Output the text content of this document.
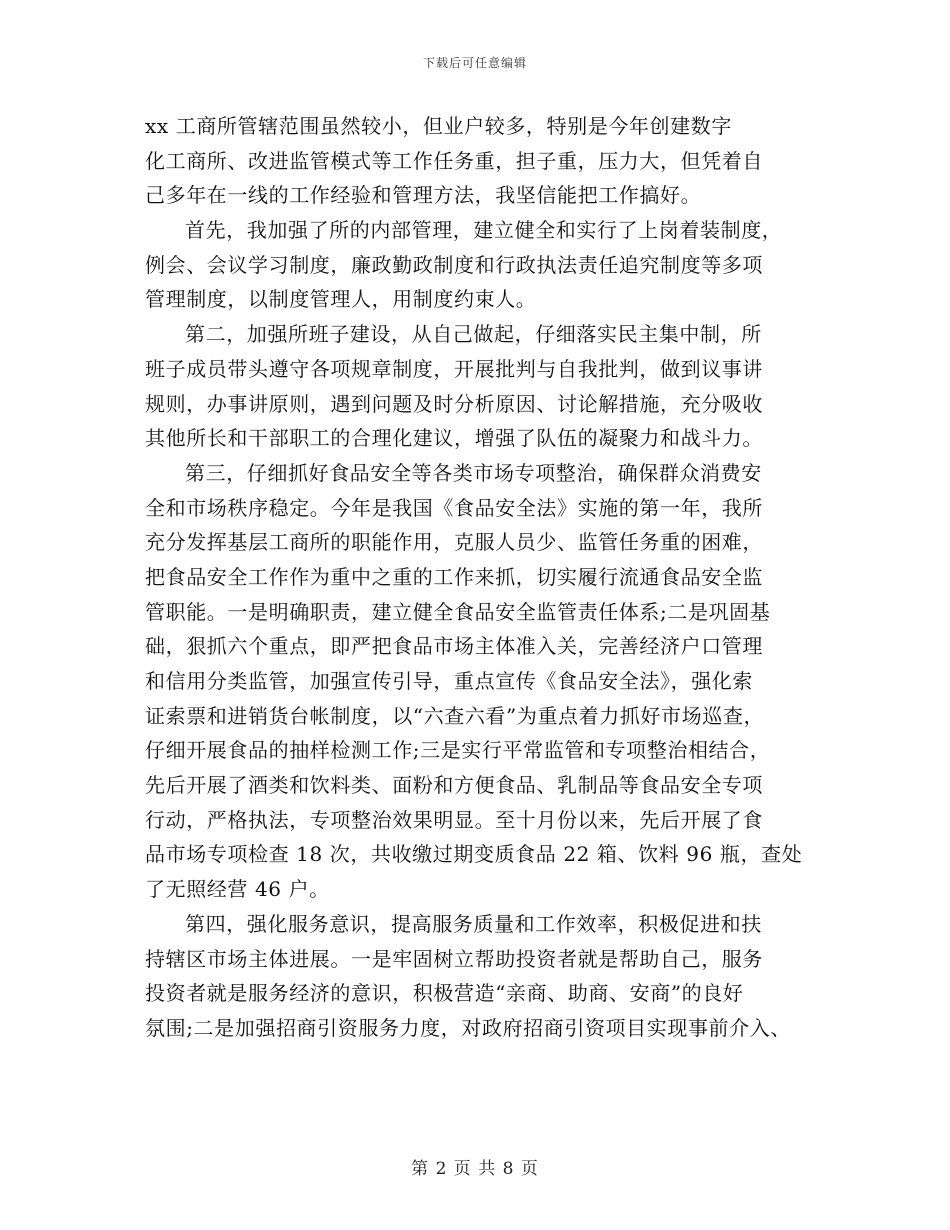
下载后可任意编辑
xx 工商所管辖范围虽然较小，但业户较多，特别是今年创建数字
化工商所、改进监管模式等工作任务重，担子重，压力大，但凭着自
己多年在一线的工作经验和管理方法，我坚信能把工作搞好。
首先，我加强了所的内部管理，建立健全和实行了上岗着装制度，
例会、会议学习制度，廉政勤政制度和行政执法责任追究制度等多项
管理制度，以制度管理人，用制度约束人。
第二，加强所班子建设，从自己做起，仔细落实民主集中制，所
班子成员带头遵守各项规章制度，开展批判与自我批判，做到议事讲
规则，办事讲原则，遇到问题及时分析原因、讨论解措施，充分吸收
其他所长和干部职工的合理化建议，增强了队伍的凝聚力和战斗力。
第三，仔细抓好食品安全等各类市场专项整治，确保群众消费安
全和市场秩序稳定。今年是我国《食品安全法》实施的第一年，我所
充分发挥基层工商所的职能作用，克服人员少、监管任务重的困难，
把食品安全工作作为重中之重的工作来抓，切实履行流通食品安全监
管职能。一是明确职责，建立健全食品安全监管责任体系;二是巩固基
础，狠抓六个重点，即严把食品市场主体准入关，完善经济户口管理
和信用分类监管，加强宣传引导，重点宣传《食品安全法》，强化索
证索票和进销货台帐制度，以“六查六看”为重点着力抓好市场巡查，
仔细开展食品的抽样检测工作;三是实行平常监管和专项整治相结合，
先后开展了酒类和饮料类、面粉和方便食品、乳制品等食品安全专项
行动，严格执法，专项整治效果明显。至十月份以来，先后开展了食
品市场专项检查 18 次，共收缴过期变质食品 22 箱、饮料 96 瓶，查处
了无照经营 46 户。
第四，强化服务意识，提高服务质量和工作效率，积极促进和扶
持辖区市场主体进展。一是牢固树立帮助投资者就是帮助自己，服务
投资者就是服务经济的意识，积极营造“亲商、助商、安商”的良好
氛围;二是加强招商引资服务力度，对政府招商引资项目实现事前介入、
第 2 页 共 8 页
